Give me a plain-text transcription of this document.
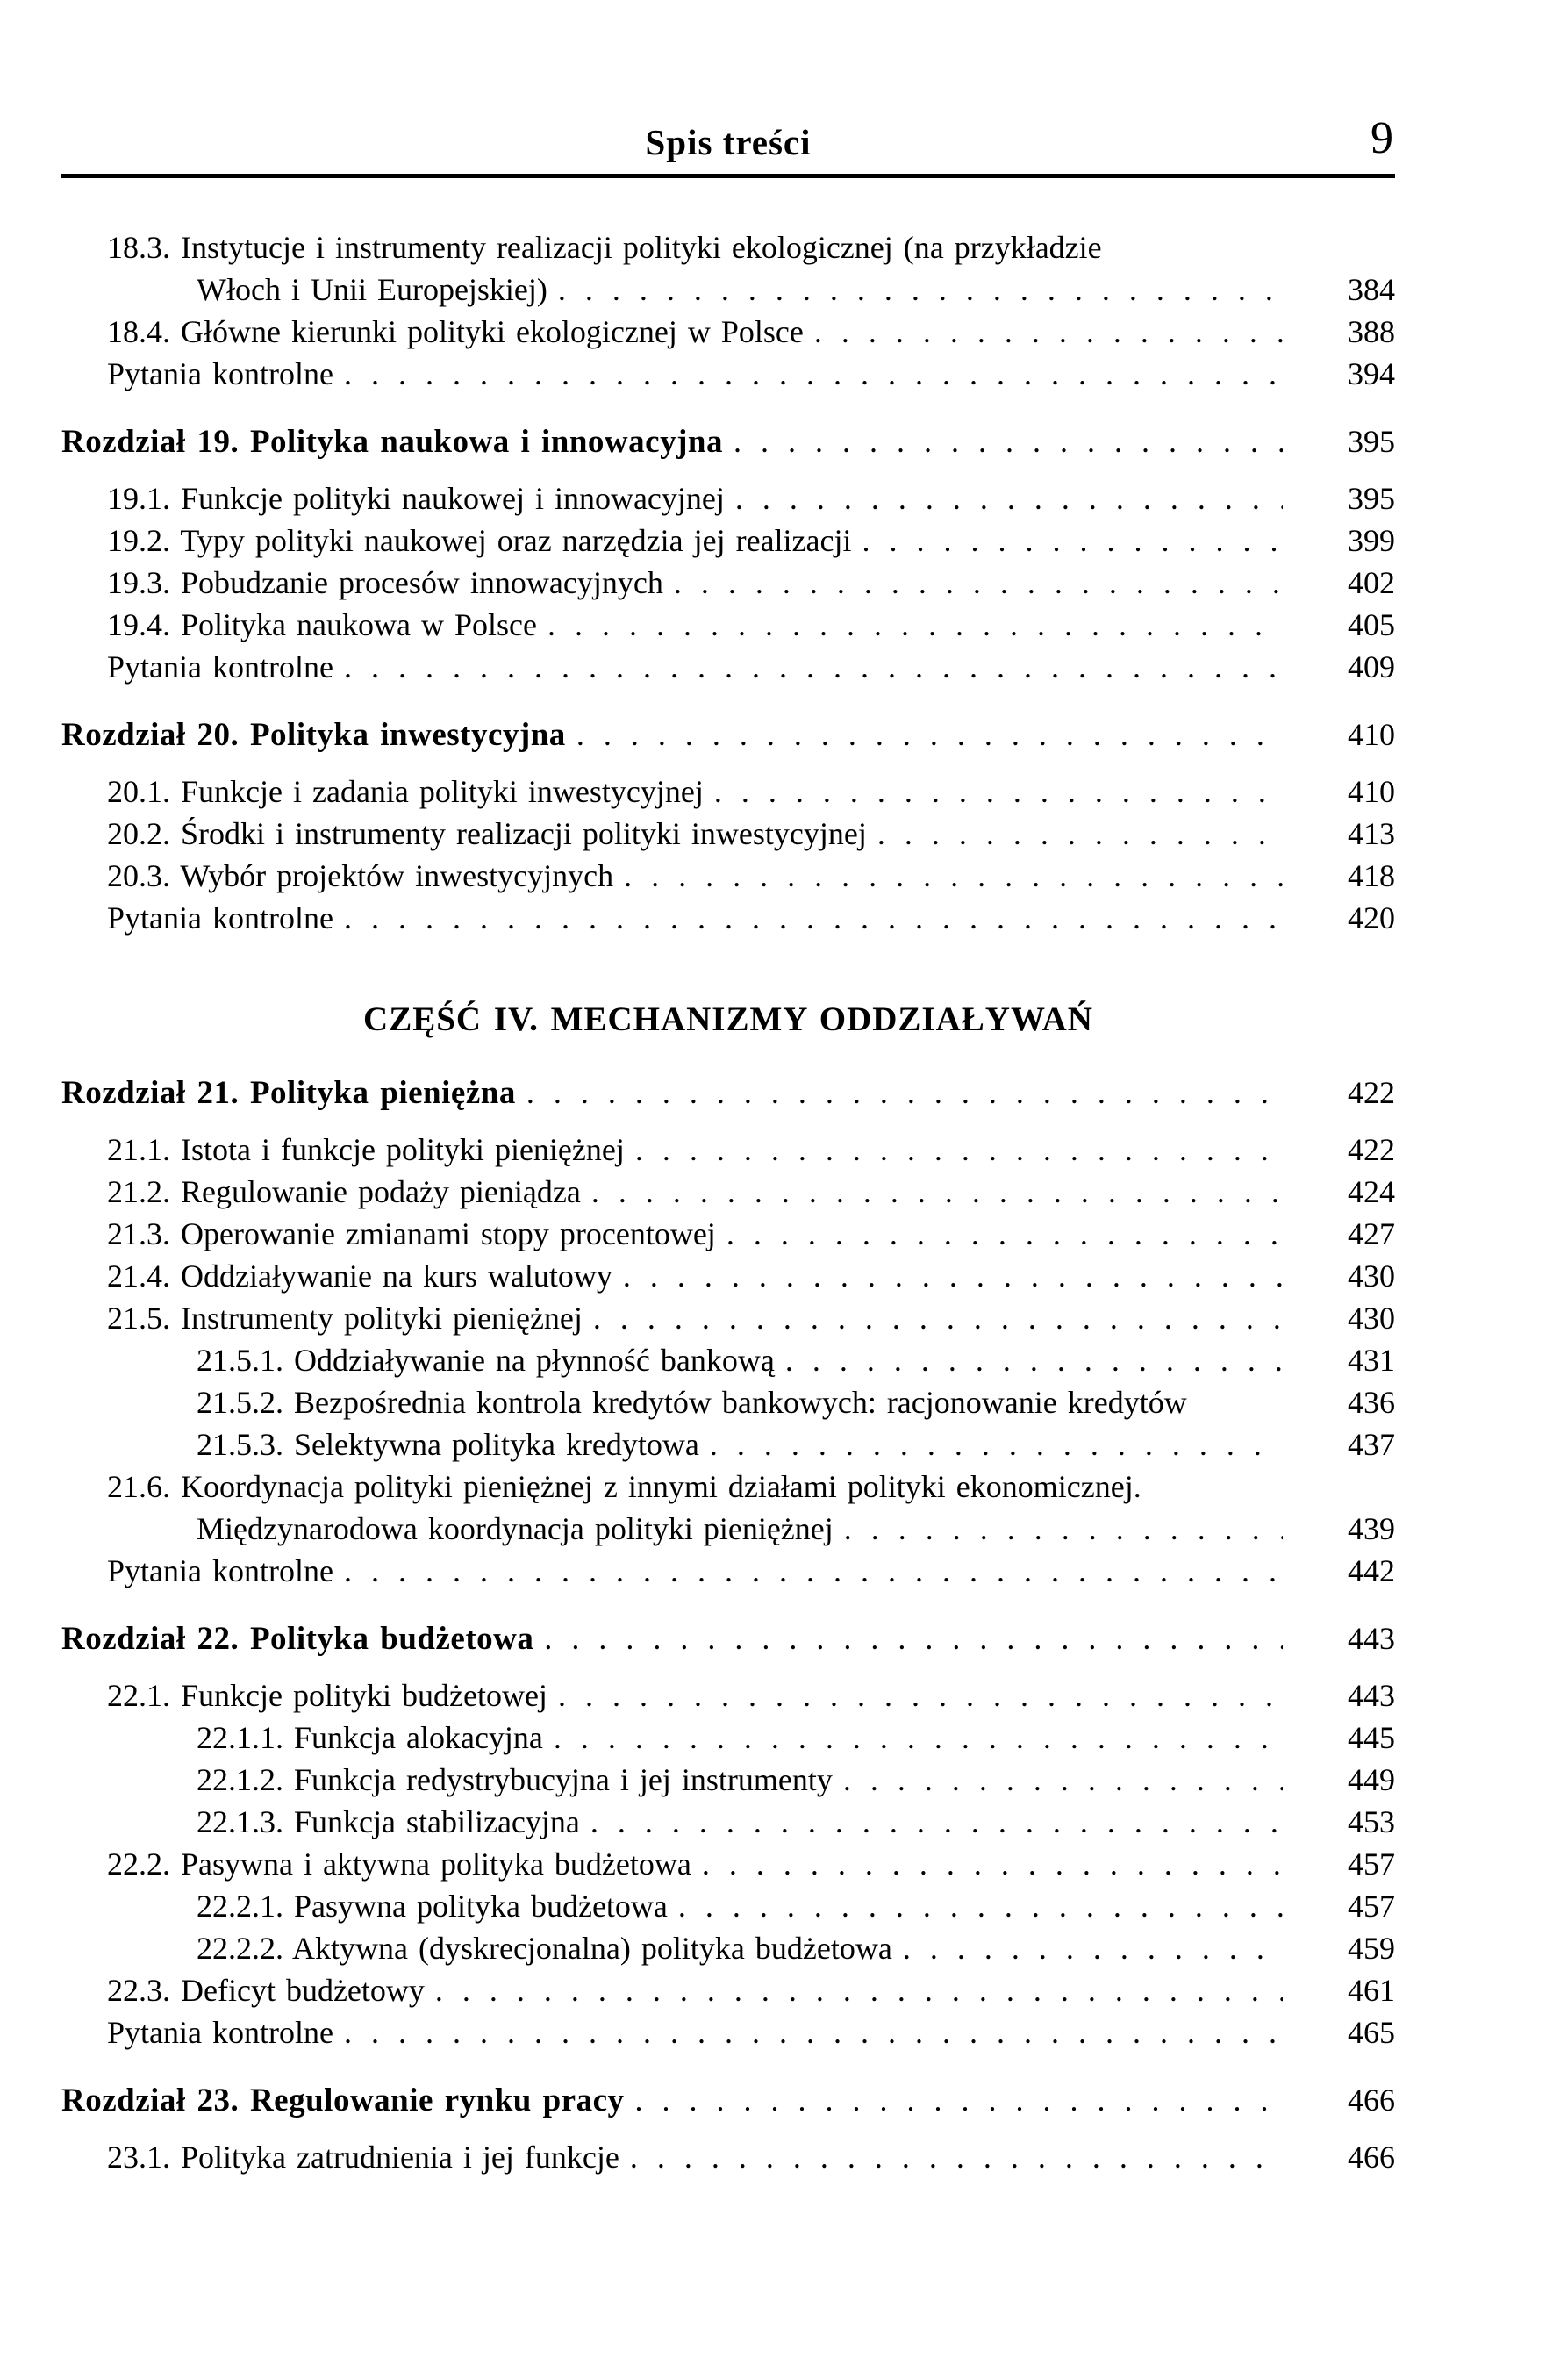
Spis treści	9
18.3. Instytucje i instrumenty realizacji polityki ekologicznej (na przykładzie
Włoch i Unii Europejskiej) . . .	384
18.4. Główne kierunki polityki ekologicznej w Polsce . . .	388
Pytania kontrolne . . .	394
Rozdział 19. Polityka naukowa i innowacyjna . . .	395
19.1. Funkcje polityki naukowej i innowacyjnej . . .	395
19.2. Typy polityki naukowej oraz narzędzia jej realizacji . . .	399
19.3. Pobudzanie procesów innowacyjnych . . .	402
19.4. Polityka naukowa w Polsce . . .	405
Pytania kontrolne . . .	409
Rozdział 20. Polityka inwestycyjna . . .	410
20.1. Funkcje i zadania polityki inwestycyjnej . . .	410
20.2. Środki i instrumenty realizacji polityki inwestycyjnej . . .	413
20.3. Wybór projektów inwestycyjnych . . .	418
Pytania kontrolne . . .	420
CZĘŚĆ IV. MECHANIZMY ODDZIAŁYWAŃ
Rozdział 21. Polityka pieniężna . . .	422
21.1. Istota i funkcje polityki pieniężnej . . .	422
21.2. Regulowanie podaży pieniądza . . .	424
21.3. Operowanie zmianami stopy procentowej . . .	427
21.4. Oddziaływanie na kurs walutowy . . .	430
21.5. Instrumenty polityki pieniężnej . . .	430
21.5.1. Oddziaływanie na płynność bankową . . .	431
21.5.2. Bezpośrednia kontrola kredytów bankowych: racjonowanie kredytów	436
21.5.3. Selektywna polityka kredytowa . . .	437
21.6. Koordynacja polityki pieniężnej z innymi działami polityki ekonomicznej.
Międzynarodowa koordynacja polityki pieniężnej . . .	439
Pytania kontrolne . . .	442
Rozdział 22. Polityka budżetowa . . .	443
22.1. Funkcje polityki budżetowej . . .	443
22.1.1. Funkcja alokacyjna . . .	445
22.1.2. Funkcja redystrybucyjna i jej instrumenty . . .	449
22.1.3. Funkcja stabilizacyjna . . .	453
22.2. Pasywna i aktywna polityka budżetowa . . .	457
22.2.1. Pasywna polityka budżetowa . . .	457
22.2.2. Aktywna (dyskrecjonalna) polityka budżetowa . . .	459
22.3. Deficyt budżetowy . . .	461
Pytania kontrolne . . .	465
Rozdział 23. Regulowanie rynku pracy . . .	466
23.1. Polityka zatrudnienia i jej funkcje . . .	466
